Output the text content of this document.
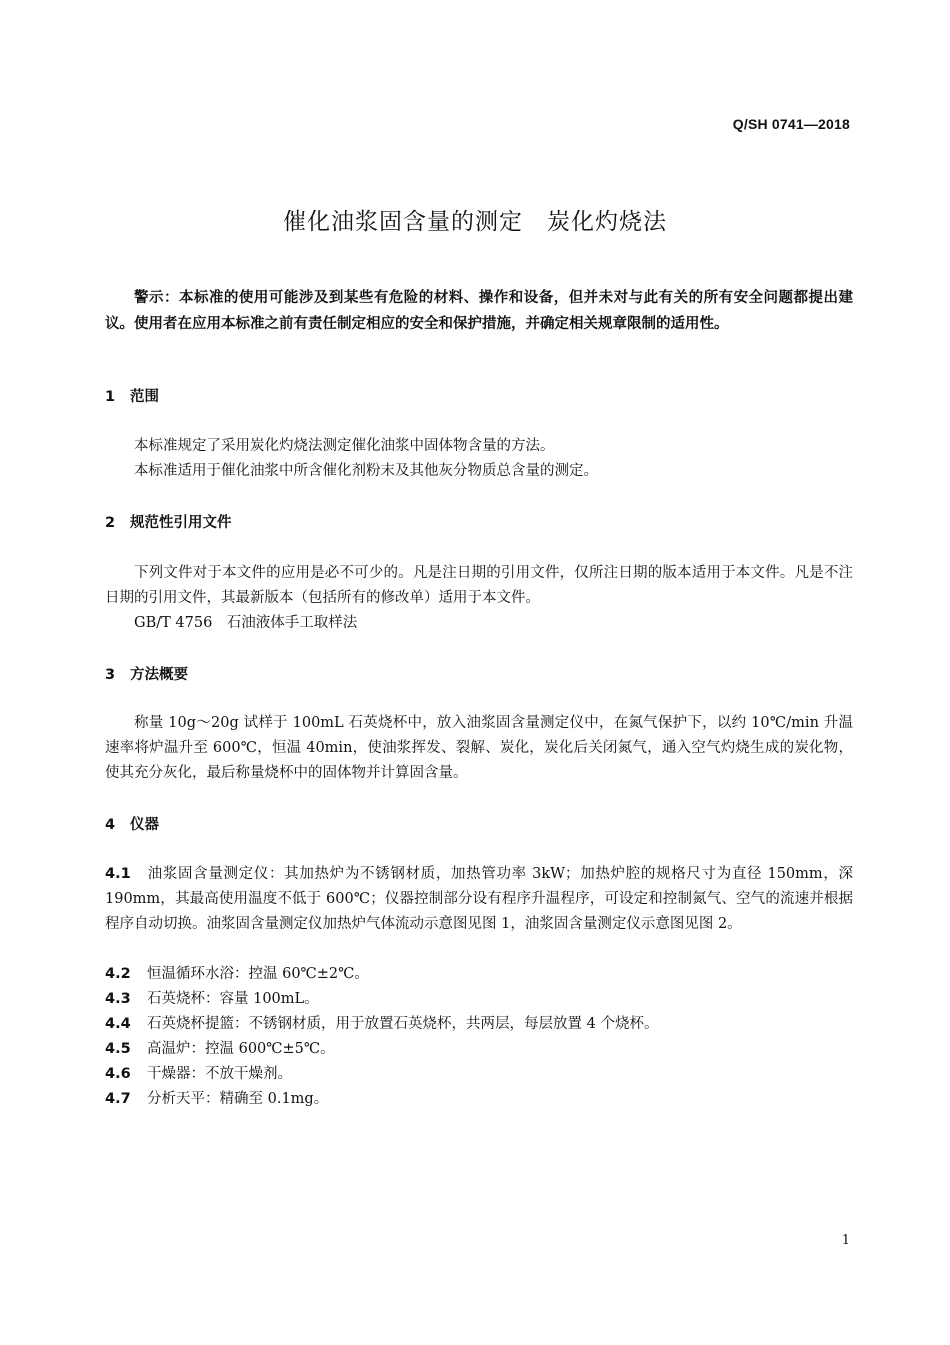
Q/SH 0741—2018
催化油浆固含量的测定　炭化灼烧法

警示：本标准的使用可能涉及到某些有危险的材料、操作和设备，但并未对与此有关的所有安全问题都提出建议。使用者在应用本标准之前有责任制定相应的安全和保护措施，并确定相关规章限制的适用性。

1 范围

本标准规定了采用炭化灼烧法测定催化油浆中固体物含量的方法。

本标准适用于催化油浆中所含催化剂粉末及其他灰分物质总含量的测定。

2 规范性引用文件

下列文件对于本文件的应用是必不可少的。凡是注日期的引用文件，仅所注日期的版本适用于本文件。凡是不注日期的引用文件，其最新版本（包括所有的修改单）适用于本文件。

GB/T 4756　石油液体手工取样法

3 方法概要

称量 10g～20g 试样于 100mL 石英烧杯中，放入油浆固含量测定仪中，在氮气保护下，以约 10℃/min 升温速率将炉温升至 600℃，恒温 40min，使油浆挥发、裂解、炭化，炭化后关闭氮气，通入空气灼烧生成的炭化物，使其充分灰化，最后称量烧杯中的固体物并计算固含量。

4 仪器

4.1 油浆固含量测定仪：其加热炉为不锈钢材质，加热管功率 3kW；加热炉腔的规格尺寸为直径 150mm，深 190mm，其最高使用温度不低于 600℃；仪器控制部分设有程序升温程序，可设定和控制氮气、空气的流速并根据程序自动切换。油浆固含量测定仪加热炉气体流动示意图见图 1，油浆固含量测定仪示意图见图 2。

4.2 恒温循环水浴：控温 60℃±2℃。

4.3 石英烧杯：容量 100mL。

4.4 石英烧杯提篮：不锈钢材质，用于放置石英烧杯，共两层，每层放置 4 个烧杯。

4.5 高温炉：控温 600℃±5℃。

4.6 干燥器：不放干燥剂。

4.7 分析天平：精确至 0.1mg。

1
